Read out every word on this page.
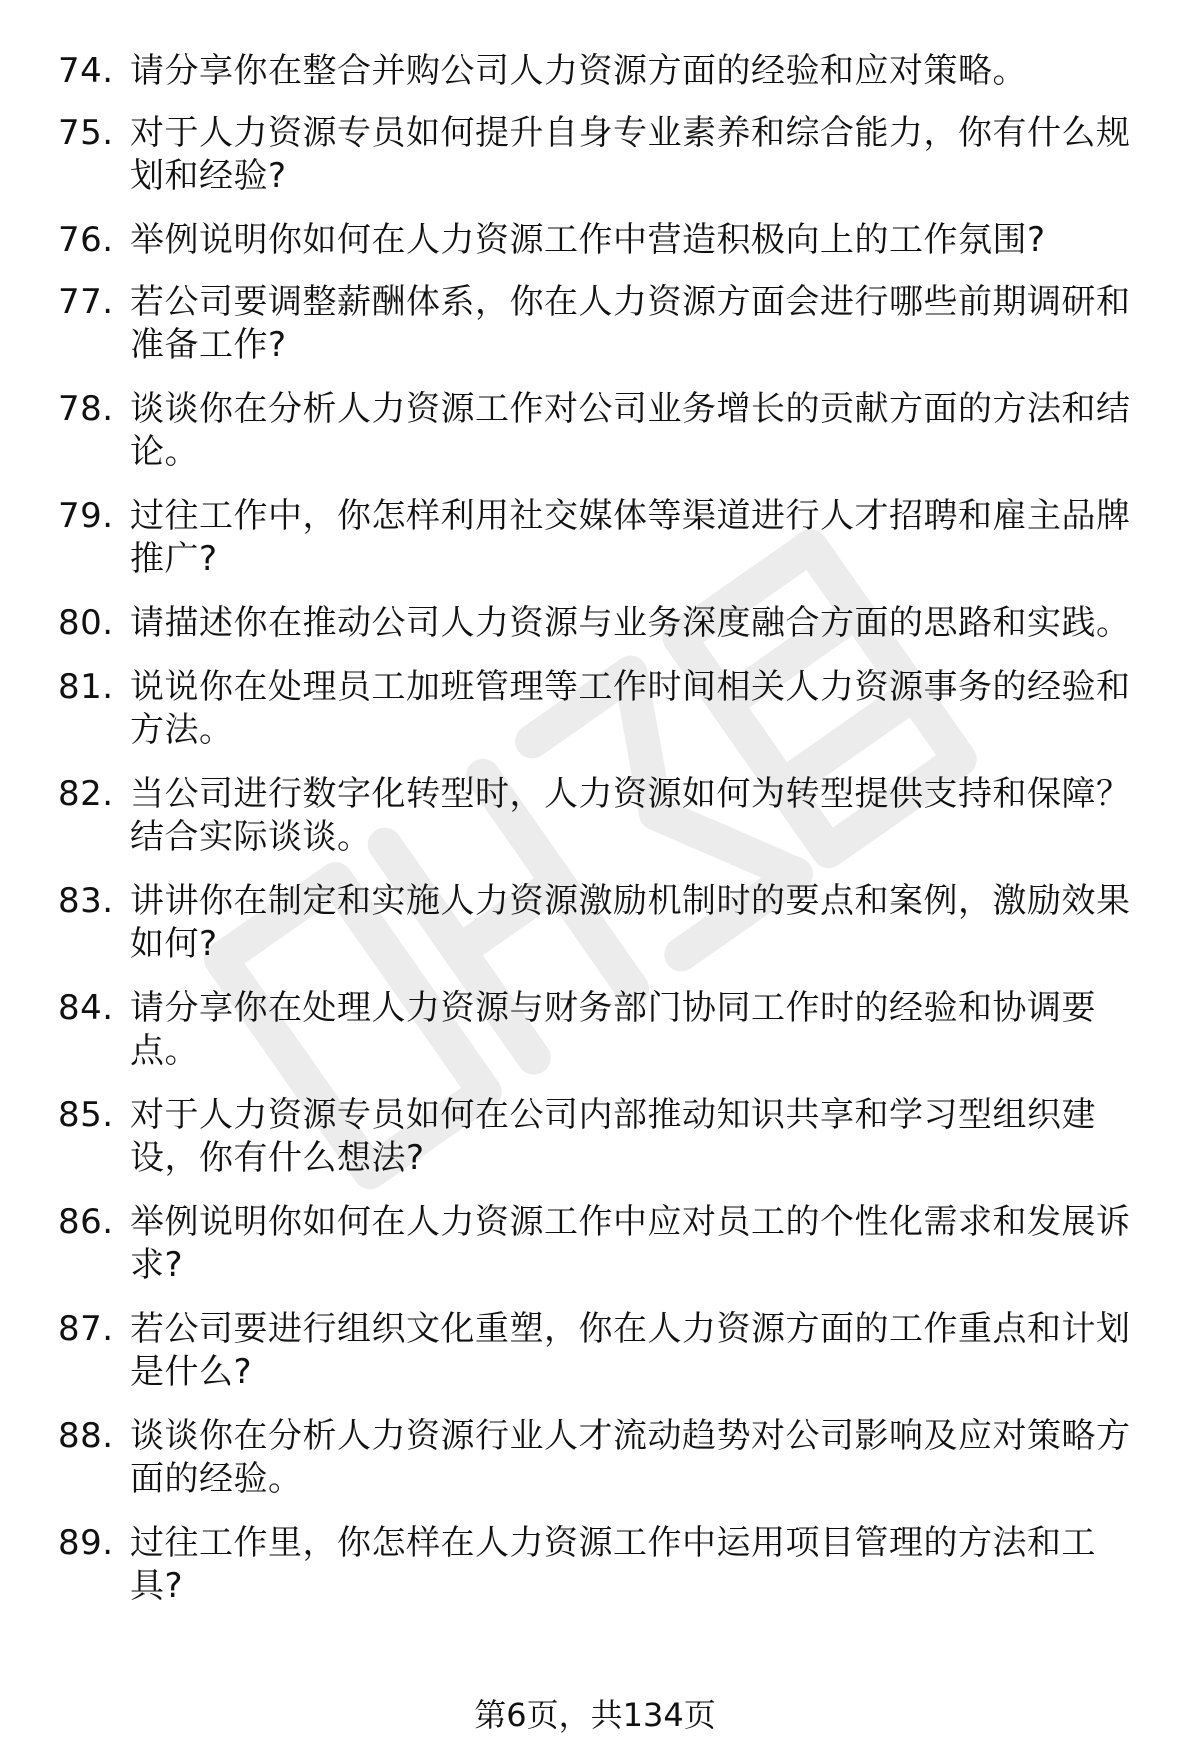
74. 请分享你在整合并购公司人力资源方面的经验和应对策略。
75. 对于人力资源专员如何提升自身专业素养和综合能力，你有什么规划和经验?
76. 举例说明你如何在人力资源工作中营造积极向上的工作氛围?
77. 若公司要调整薪酬体系，你在人力资源方面会进行哪些前期调研和准备工作?
78. 谈谈你在分析人力资源工作对公司业务增长的贡献方面的方法和结论。
79. 过往工作中，你怎样利用社交媒体等渠道进行人才招聘和雇主品牌推广?
80. 请描述你在推动公司人力资源与业务深度融合方面的思路和实践。
81. 说说你在处理员工加班管理等工作时间相关人力资源事务的经验和方法。
82. 当公司进行数字化转型时，人力资源如何为转型提供支持和保障？结合实际谈谈。
83. 讲讲你在制定和实施人力资源激励机制时的要点和案例，激励效果如何?
84. 请分享你在处理人力资源与财务部门协同工作时的经验和协调要点。
85. 对于人力资源专员如何在公司内部推动知识共享和学习型组织建设，你有什么想法?
86. 举例说明你如何在人力资源工作中应对员工的个性化需求和发展诉求?
87. 若公司要进行组织文化重塑，你在人力资源方面的工作重点和计划是什么?
88. 谈谈你在分析人力资源行业人才流动趋势对公司影响及应对策略方面的经验。
89. 过往工作里，你怎样在人力资源工作中运用项目管理的方法和工具?
第6页，共134页
